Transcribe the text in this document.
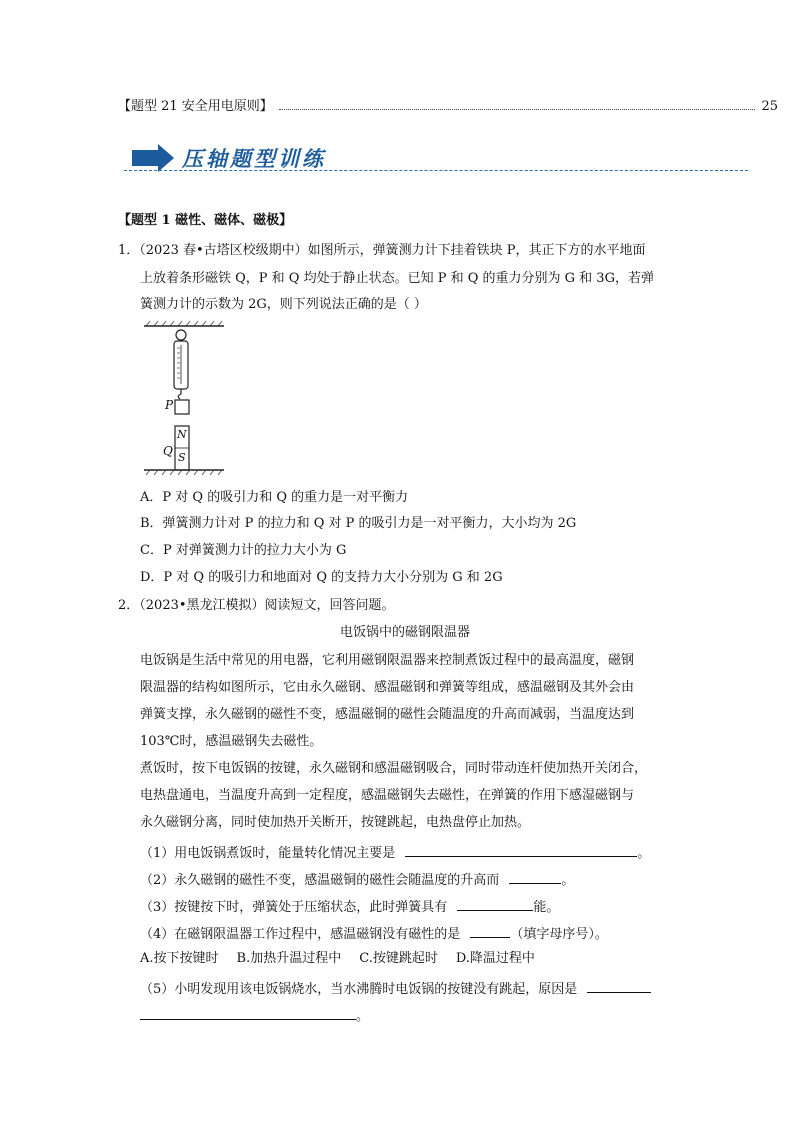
【题型 21 安全用电原则】	25
压轴题型训练
【题型 1 磁性、磁体、磁极】
1．（2023 春•古塔区校级期中）如图所示，弹簧测力计下挂着铁块 P，其正下方的水平地面
上放着条形磁铁 Q，P 和 Q 均处于静止状态。已知 P 和 Q 的重力分别为 G 和 3G，若弹
簧测力计的示数为 2G，则下列说法正确的是（ ）
P
Q
N
S
A．P 对 Q 的吸引力和 Q 的重力是一对平衡力
B．弹簧测力计对 P 的拉力和 Q 对 P 的吸引力是一对平衡力，大小均为 2G
C．P 对弹簧测力计的拉力大小为 G
D．P 对 Q 的吸引力和地面对 Q 的支持力大小分别为 G 和 2G
2．（2023•黑龙江模拟）阅读短文，回答问题。
电饭锅中的磁钢限温器
电饭锅是生活中常见的用电器，它利用磁钢限温器来控制煮饭过程中的最高温度，磁钢
限温器的结构如图所示，它由永久磁钢、感温磁钢和弹簧等组成，感温磁钢及其外会由
弹簧支撑，永久磁钢的磁性不变，感温磁铜的磁性会随温度的升高而减弱，当温度达到
103℃时，感温磁钢失去磁性。
煮饭时，按下电饭锅的按键，永久磁钢和感温磁钢吸合，同时带动连杆使加热开关闭合，
电热盘通电，当温度升高到一定程度，感温磁钢失去磁性，在弹簧的作用下感湿磁钢与
永久磁钢分离，同时使加热开关断开，按键跳起，电热盘停止加热。
（1）用电饭锅煮饭时，能量转化情况主要是	。
（2）永久磁钢的磁性不变，感温磁铜的磁性会随温度的升高而	。
（3）按键按下时，弹簧处于压缩状态，此时弹簧具有	能。
（4）在磁钢限温器工作过程中，感温磁钢没有磁性的是	（填字母序号）。
A.按下按键时 B.加热升温过程中 C.按键跳起时 D.降温过程中
（5）小明发现用该电饭锅烧水，当水沸腾时电饭锅的按键没有跳起，原因是
。
